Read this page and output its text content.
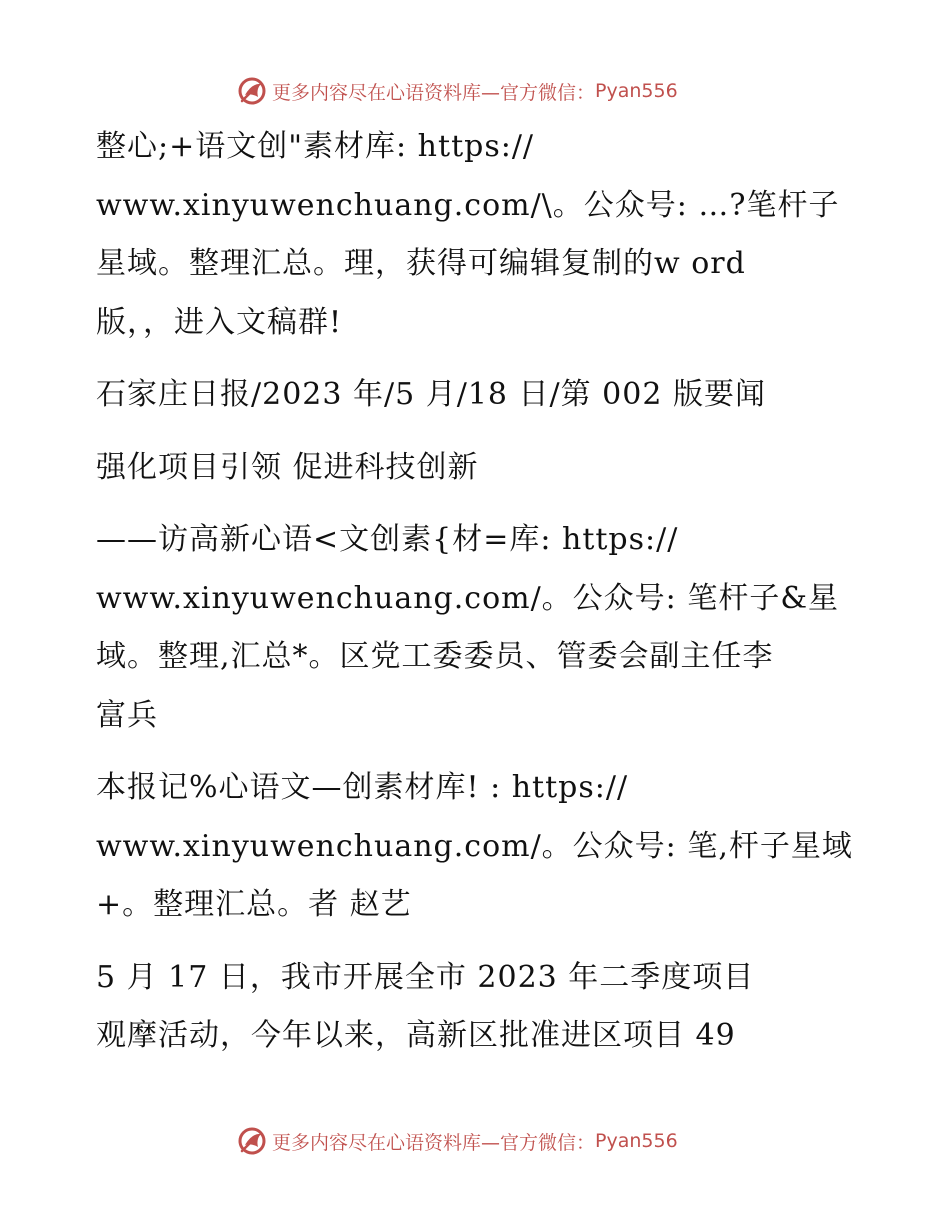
更多内容尽在心语资料库—官方微信： Pyan556

整心;+语文创"素材库: https://
www.xinyuwenchuang.com/\。公众号: …?笔杆子
星域。整理汇总。理，获得可编辑复制的w ord
版，，进入文稿群!

石家庄日报/2023 年/5 月/18 日/第 002 版要闻

强化项目引领 促进科技创新

——访高新心语<文创素{材=库: https://
www.xinyuwenchuang.com/。公众号: 笔杆子&星
域。整理,汇总*。区党工委委员、管委会副主任李
富兵

本报记%心语文—创素材库! : https://
www.xinyuwenchuang.com/。公众号: 笔,杆子星域
+。整理汇总。者 赵艺

5 月 17 日，我市开展全市 2023 年二季度项目
观摩活动，今年以来，高新区批准进区项目 49

更多内容尽在心语资料库—官方微信： Pyan556
